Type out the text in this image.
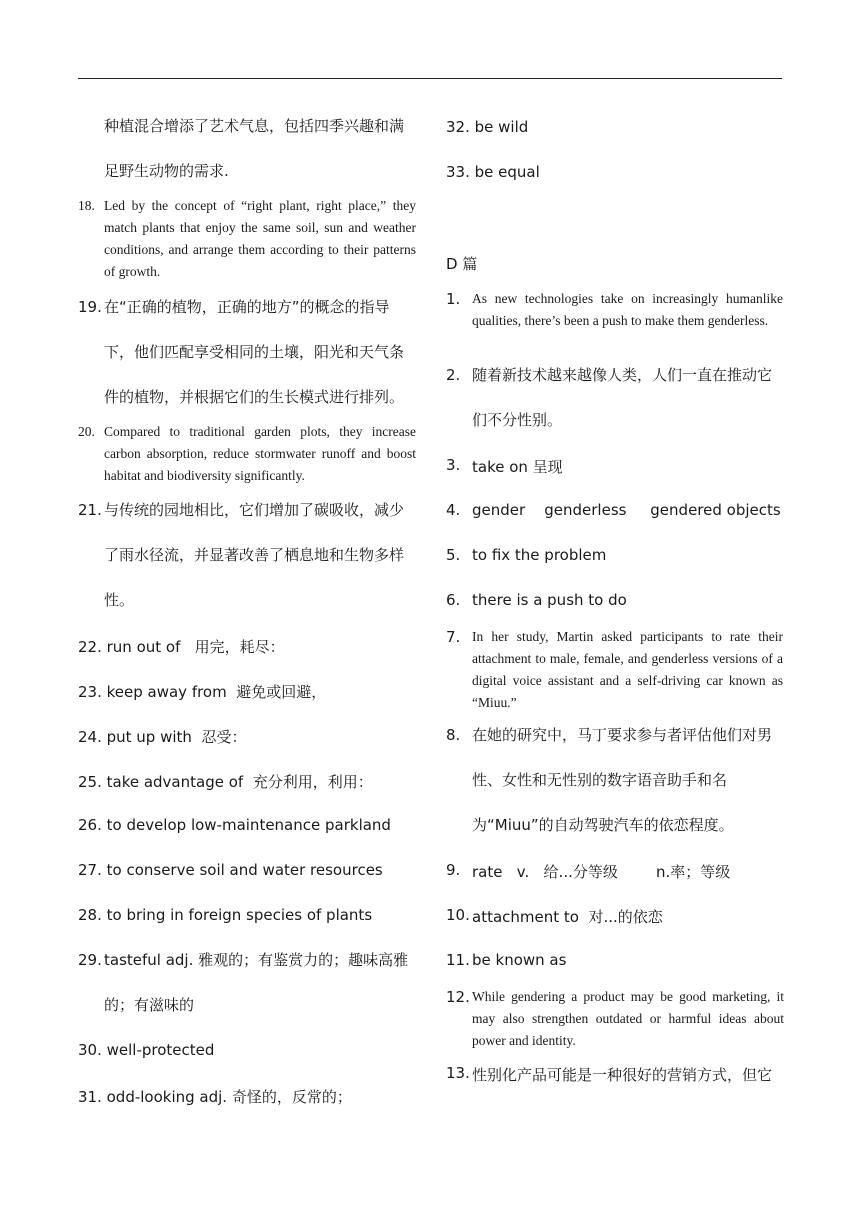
种植混合增添了艺术气息，包括四季兴趣和满
足野生动物的需求.
18. Led by the concept of “right plant, right place,” they match plants that enjoy the same soil, sun and weather conditions, and arrange them according to their patterns of growth.
19. 在“正确的植物，正确的地方”的概念的指导下，他们匹配享受相同的土壤，阳光和天气条件的植物，并根据它们的生长模式进行排列。
20. Compared to traditional garden plots, they increase carbon absorption, reduce stormwater runoff and boost habitat and biodiversity significantly.
21. 与传统的园地相比，它们增加了碳吸收，减少了雨水径流，并显著改善了栖息地和生物多样性。
22. run out of   用完，耗尽：
23. keep away from  避免或回避，
24. put up with  忍受：
25. take advantage of  充分利用，利用：
26. to develop low-maintenance parkland
27. to conserve soil and water resources
28. to bring in foreign species of plants
29. tasteful adj. 雅观的；有鉴赏力的；趣味高雅的；有滋味的
30. well-protected
31. odd-looking adj. 奇怪的，反常的；
32. be wild
33. be equal
D 篇
1. As new technologies take on increasingly humanlike qualities, there’s been a push to make them genderless.
2. 随着新技术越来越像人类，人们一直在推动它们不分性别。
3. take on 呈现
4. gender    genderless     gendered objects
5. to fix the problem
6. there is a push to do
7. In her study, Martin asked participants to rate their attachment to male, female, and genderless versions of a digital voice assistant and a self-driving car known as “Miuu.”
8. 在她的研究中，马丁要求参与者评估他们对男性、女性和无性别的数字语音助手和名为“Miuu”的自动驾驶汽车的依恋程度。
9. rate   v.   给...分等级        n.率；等级
10. attachment to  对...的依恋
11. be known as
12. While gendering a product may be good marketing, it may also strengthen outdated or harmful ideas about power and identity.
13. 性别化产品可能是一种很好的营销方式，但它
